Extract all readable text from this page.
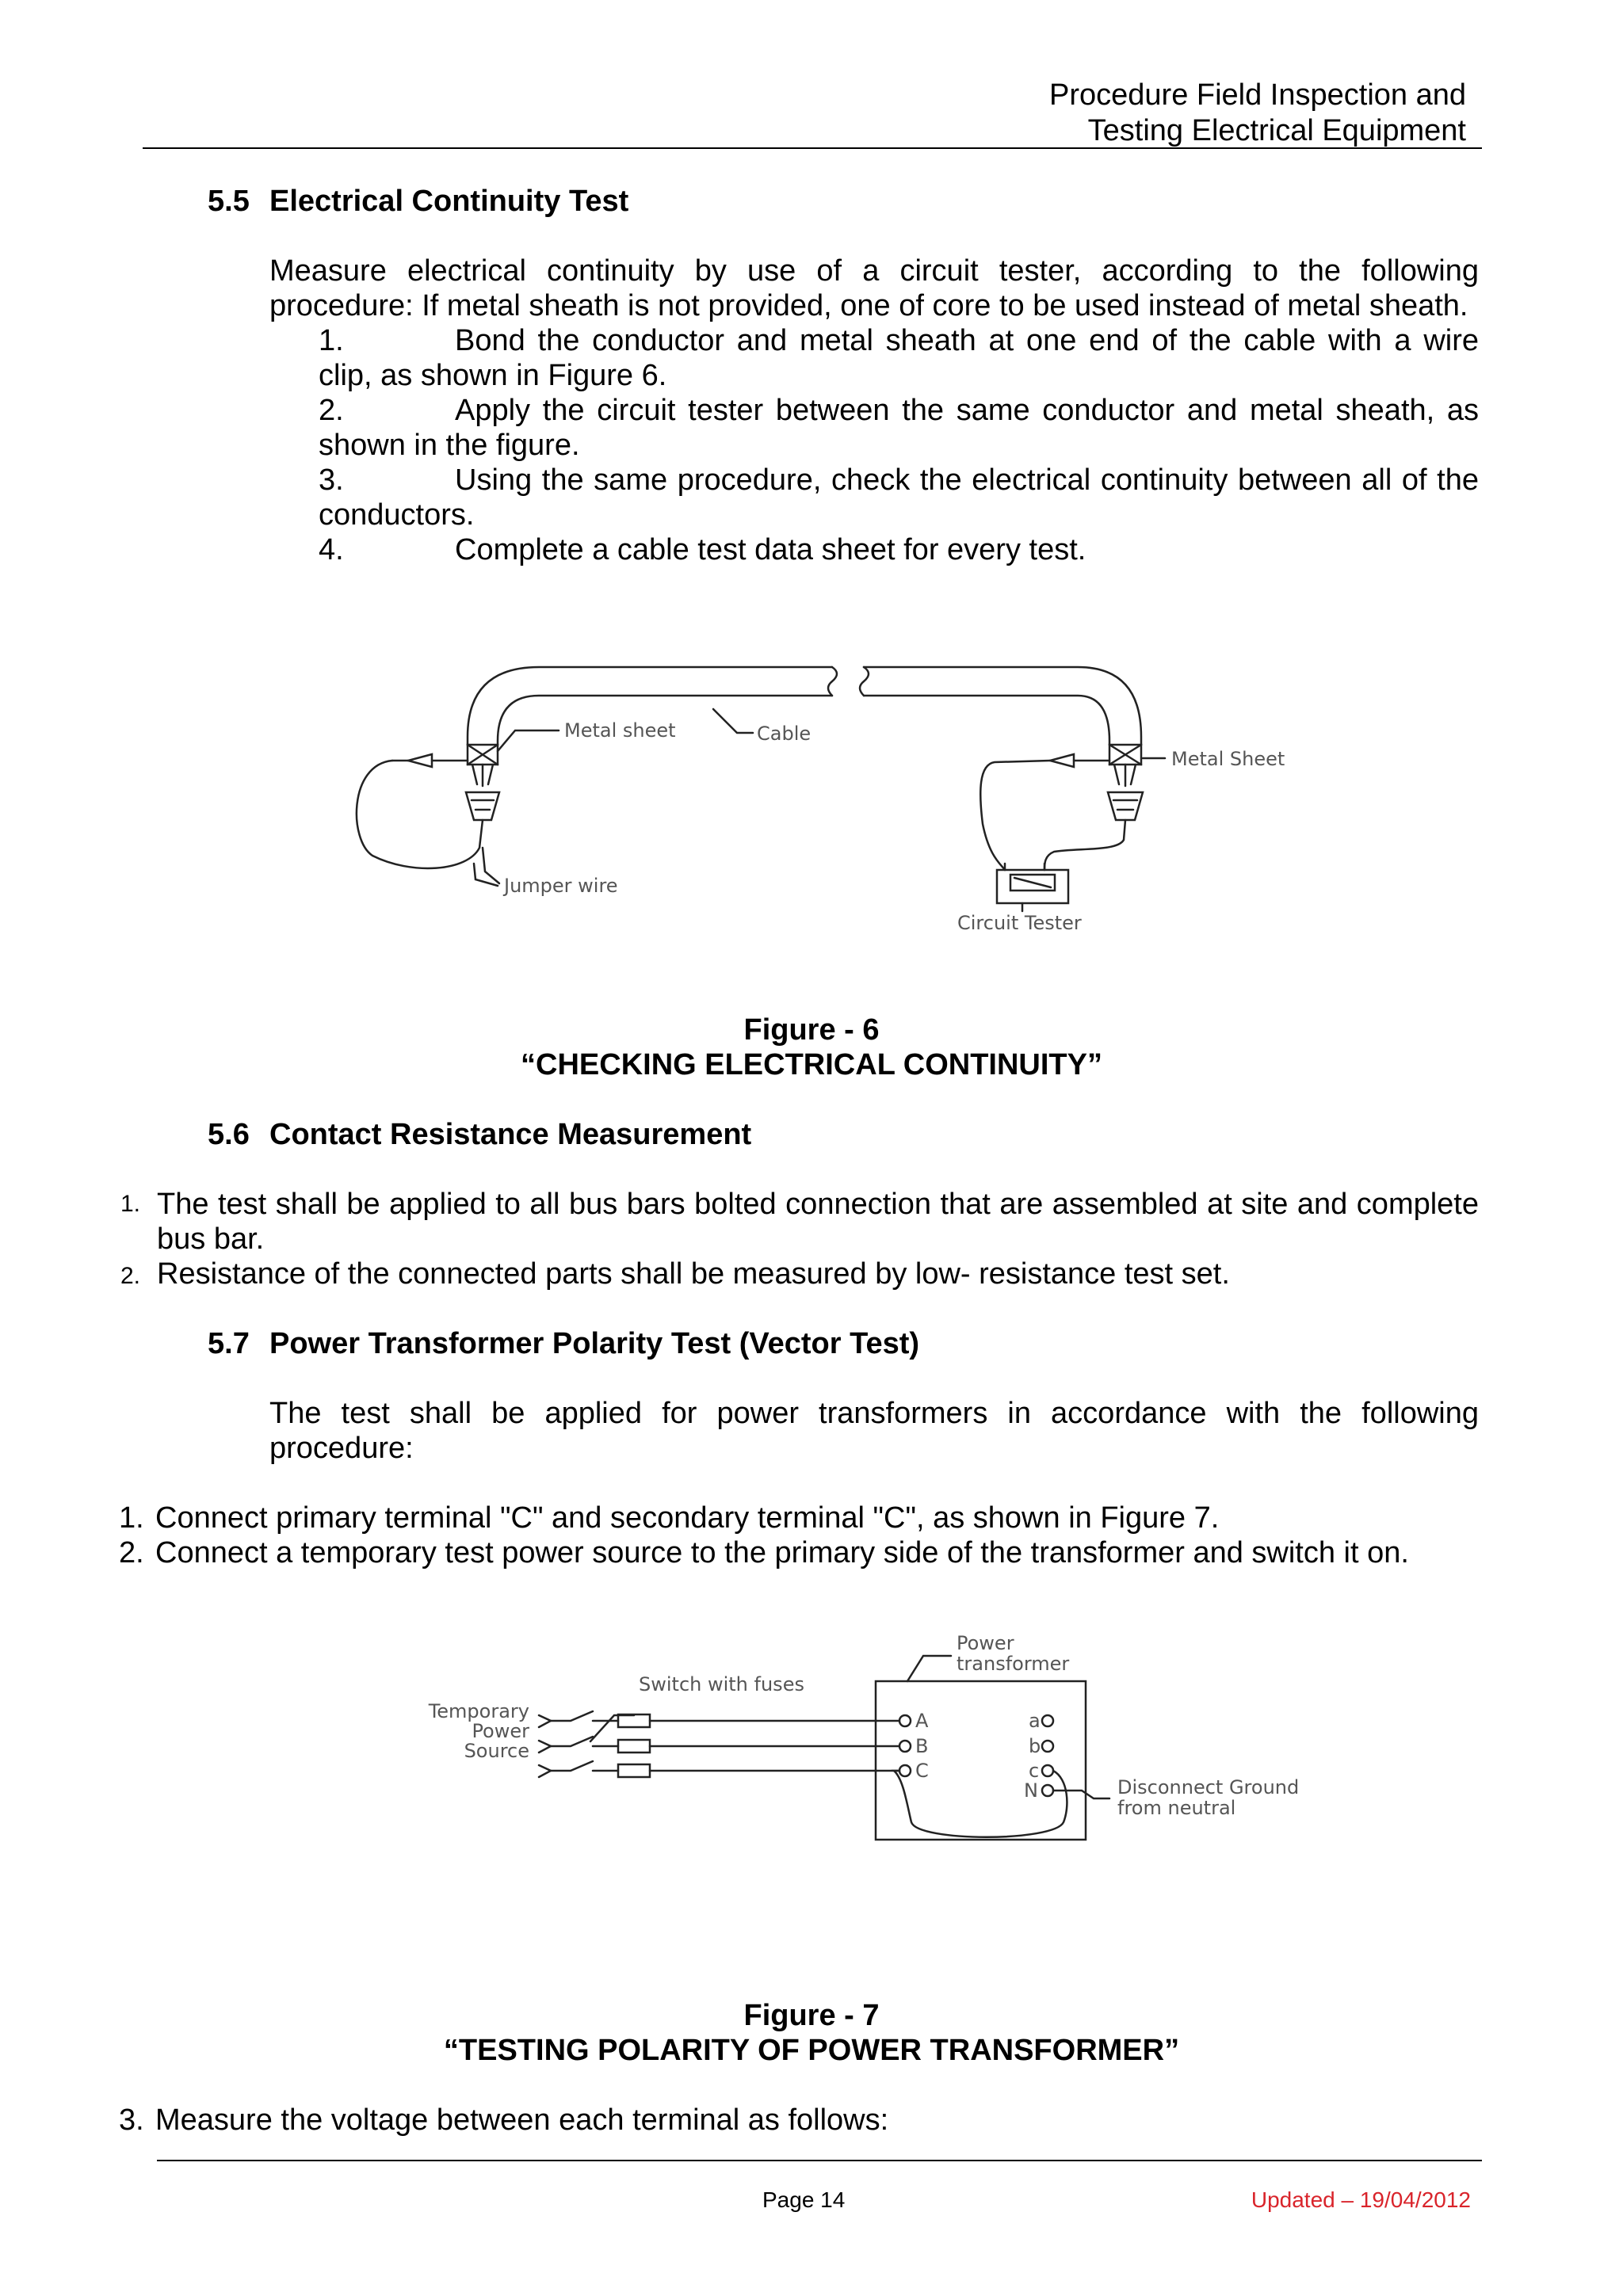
Procedure Field Inspection and
Testing Electrical Equipment
5.5 Electrical Continuity Test
Measure electrical continuity by use of a circuit tester, according to the following
procedure: If metal sheath is not provided, one of core to be used instead of metal sheath.
1.	Bond the conductor and metal sheath at one end of the cable with a wire
clip, as shown in Figure 6.
2.	Apply the circuit tester between the same conductor and metal sheath, as
shown in the figure.
3.	Using the same procedure, check the electrical continuity between all of the
conductors.
4.	Complete a cable test data sheet for every test.
Metal sheet	Cable
Metal Sheet
Jumper wire
Circuit Tester
Figure - 6
“CHECKING ELECTRICAL CONTINUITY”
5.6 Contact Resistance Measurement
1. The test shall be applied to all bus bars bolted connection that are assembled at site and complete
bus bar.
2. Resistance of the connected parts shall be measured by low- resistance test set.
5.7 Power Transformer Polarity Test (Vector Test)
The test shall be applied for power transformers in accordance with the following
procedure:
1. Connect primary terminal "C" and secondary terminal "C", as shown in Figure 7.
2. Connect a temporary test power source to the primary side of the transformer and switch it on.
Power
transformer
Switch with fuses
Temporary
Power
Source
A
B
C
a
b
c
N	Disconnect Ground
from neutral
Figure - 7
“TESTING POLARITY OF POWER TRANSFORMER”
3. Measure the voltage between each terminal as follows:
Page 14	Updated – 19/04/2012
